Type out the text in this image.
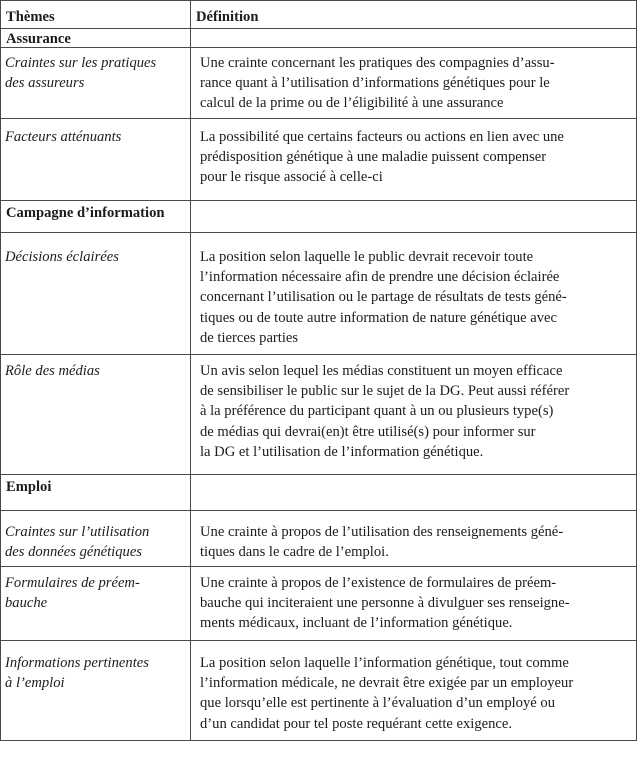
Thèmes	Définition
Assurance	

Craintes sur les pratiques
des assureurs	Une crainte concernant les pratiques des compagnies d’assu-
rance quant à l’utilisation d’informations génétiques pour le
calcul de la prime ou de l’éligibilité à une assurance

Facteurs atténuants	La possibilité que certains facteurs ou actions en lien avec une
prédisposition génétique à une maladie puissent compenser
pour le risque associé à celle-ci

Campagne d’information	

Décisions éclairées	La position selon laquelle le public devrait recevoir toute
l’information nécessaire afin de prendre une décision éclairée
concernant l’utilisation ou le partage de résultats de tests géné-
tiques ou de toute autre information de nature génétique avec
de tierces parties

Rôle des médias	Un avis selon lequel les médias constituent un moyen efficace
de sensibiliser le public sur le sujet de la DG. Peut aussi référer
à la préférence du participant quant à un ou plusieurs type(s)
de médias qui devrai(en)t être utilisé(s) pour informer sur
la DG et l’utilisation de l’information génétique.

Emploi	

Craintes sur l’utilisation
des données génétiques	Une crainte à propos de l’utilisation des renseignements géné-
tiques dans le cadre de l’emploi.

Formulaires de préem-
bauche	Une crainte à propos de l’existence de formulaires de préem-
bauche qui inciteraient une personne à divulguer ses renseigne-
ments médicaux, incluant de l’information génétique.

Informations pertinentes
à l’emploi	La position selon laquelle l’information génétique, tout comme
l’information médicale, ne devrait être exigée par un employeur
que lorsqu’elle est pertinente à l’évaluation d’un employé ou
d’un candidat pour tel poste requérant cette exigence.
